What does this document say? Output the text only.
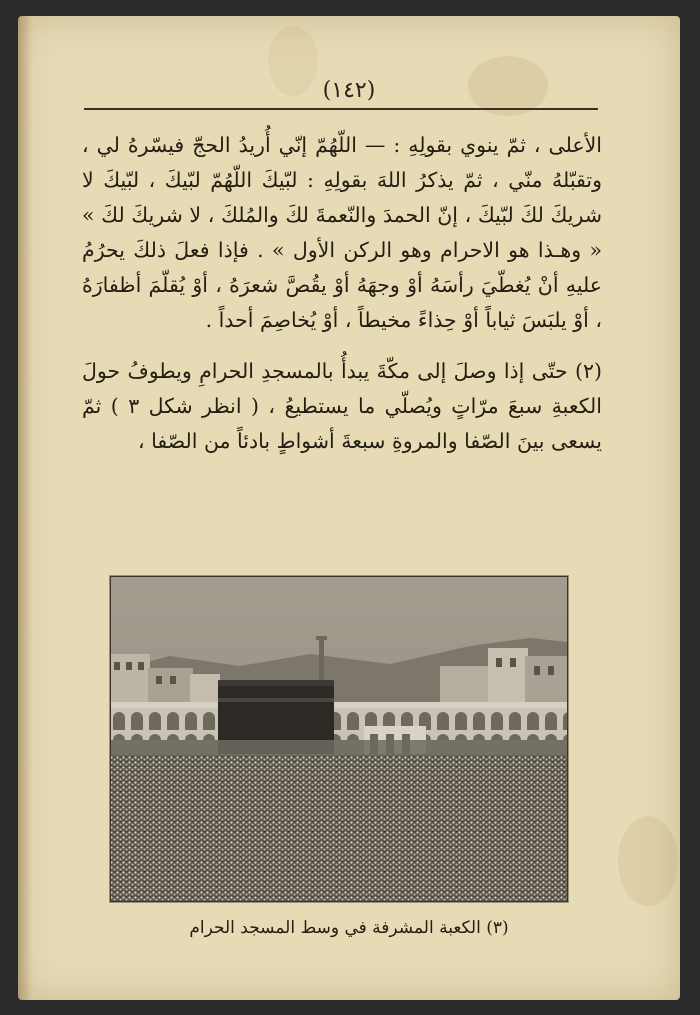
(١٤٢)

الأعلى ، ثمّ ينوي بقولِهِ : — اللّهُمّ إنّي أُريدُ الحجّ فيسّرهُ لي ، وتقبّلهُ منّي ، ثمّ يذكرُ اللهَ بقولِهِ : لبّيكَ اللّهُمّ لبّيكَ ، لبّيكَ لا شريكَ لكَ لبّيكَ ، إنّ الحمدَ والنّعمةَ لكَ والمُلكَ ، لا شريكَ لكَ » « وهـذا هو الاحرام وهو الركن الأول » . فإذا فعلَ ذلكَ يحرُمُ عليهِ أنْ يُغطّيَ رأسَهُ أوْ وجهَهُ أوْ يقُصَّ شعرَهُ ، أوْ يُقلّمَ أظفارَهُ ، أوْ يلبَسَ ثياباً أوْ حِذاءً مخيطاً ، أوْ يُخاصِمَ أحداً .

(٢) حتّى إذا وصلَ إلى مكّةَ يبدأُ بالمسجدِ الحرامِ ويطوفُ حولَ الكعبةِ سبعَ مرّاتٍ ويُصلّي ما يستطيعُ ، ( انظر شكل ٣ ) ثمّ يسعى بينَ الصّفا والمروةِ سبعةَ أشواطٍ بادئاً من الصّفا ،

(٣) الكعبة المشرفة في وسط المسجد الحرام
